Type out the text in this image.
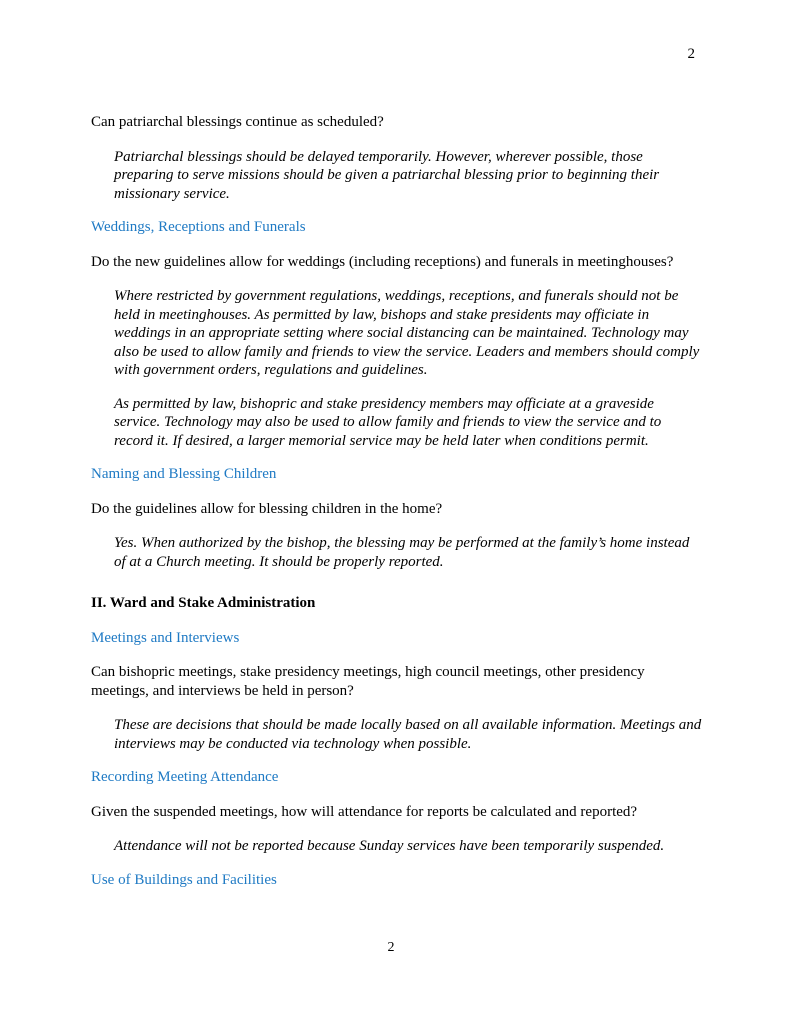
2

Can patriarchal blessings continue as scheduled?

Patriarchal blessings should be delayed temporarily. However, wherever possible, those preparing to serve missions should be given a patriarchal blessing prior to beginning their missionary service.

Weddings, Receptions and Funerals

Do the new guidelines allow for weddings (including receptions) and funerals in meetinghouses?

Where restricted by government regulations, weddings, receptions, and funerals should not be held in meetinghouses. As permitted by law, bishops and stake presidents may officiate in weddings in an appropriate setting where social distancing can be maintained. Technology may also be used to allow family and friends to view the service. Leaders and members should comply with government orders, regulations and guidelines.

As permitted by law, bishopric and stake presidency members may officiate at a graveside service. Technology may also be used to allow family and friends to view the service and to record it. If desired, a larger memorial service may be held later when conditions permit.

Naming and Blessing Children

Do the guidelines allow for blessing children in the home?

Yes. When authorized by the bishop, the blessing may be performed at the family’s home instead of at a Church meeting. It should be properly reported.

II. Ward and Stake Administration

Meetings and Interviews

Can bishopric meetings, stake presidency meetings, high council meetings, other presidency meetings, and interviews be held in person?

These are decisions that should be made locally based on all available information. Meetings and interviews may be conducted via technology when possible.

Recording Meeting Attendance

Given the suspended meetings, how will attendance for reports be calculated and reported?

Attendance will not be reported because Sunday services have been temporarily suspended.

Use of Buildings and Facilities

2
